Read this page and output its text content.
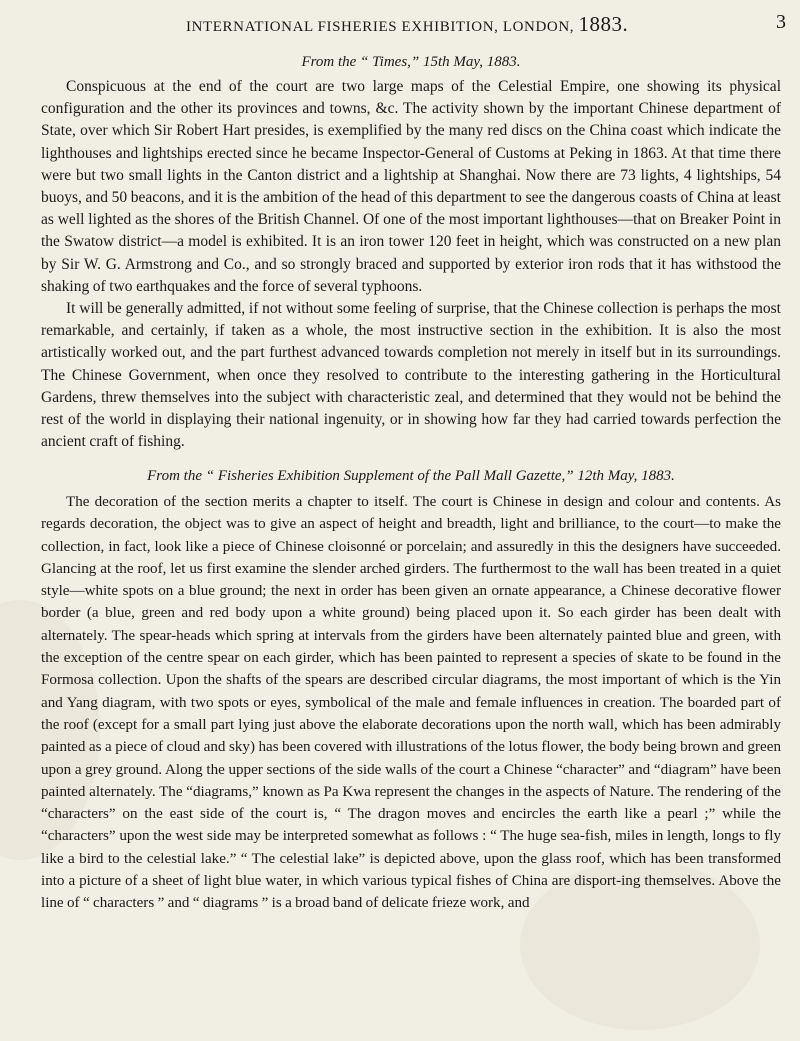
INTERNATIONAL FISHERIES EXHIBITION, LONDON, 1883.	3

From the “ Times,” 15th May, 1883.

Conspicuous at the end of the court are two large maps of the Celestial Empire, one showing its physical configuration and the other its provinces and towns, &c. The activity shown by the important Chinese department of State, over which Sir Robert Hart presides, is exemplified by the many red discs on the China coast which indicate the lighthouses and lightships erected since he became Inspector-General of Customs at Peking in 1863. At that time there were but two small lights in the Canton district and a lightship at Shanghai. Now there are 73 lights, 4 lightships, 54 buoys, and 50 beacons, and it is the ambition of the head of this department to see the dangerous coasts of China at least as well lighted as the shores of the British Channel. Of one of the most important lighthouses—that on Breaker Point in the Swatow district—a model is exhibited. It is an iron tower 120 feet in height, which was constructed on a new plan by Sir W. G. Armstrong and Co., and so strongly braced and supported by exterior iron rods that it has withstood the shaking of two earthquakes and the force of several typhoons.

It will be generally admitted, if not without some feeling of surprise, that the Chinese collection is perhaps the most remarkable, and certainly, if taken as a whole, the most instructive section in the exhibition. It is also the most artistically worked out, and the part furthest advanced towards completion not merely in itself but in its surroundings. The Chinese Government, when once they resolved to contribute to the interesting gathering in the Horticultural Gardens, threw themselves into the subject with characteristic zeal, and determined that they would not be behind the rest of the world in displaying their national ingenuity, or in showing how far they had carried towards perfection the ancient craft of fishing.

From the “ Fisheries Exhibition Supplement of the Pall Mall Gazette,” 12th May, 1883.

The decoration of the section merits a chapter to itself. The court is Chinese in design and colour and contents. As regards decoration, the object was to give an aspect of height and breadth, light and brilliance, to the court—to make the collection, in fact, look like a piece of Chinese cloisonné or porcelain; and assuredly in this the designers have succeeded. Glancing at the roof, let us first examine the slender arched girders. The furthermost to the wall has been treated in a quiet style—white spots on a blue ground; the next in order has been given an ornate appearance, a Chinese decorative flower border (a blue, green and red body upon a white ground) being placed upon it. So each girder has been dealt with alternately. The spear-heads which spring at intervals from the girders have been alternately painted blue and green, with the exception of the centre spear on each girder, which has been painted to represent a species of skate to be found in the Formosa collection. Upon the shafts of the spears are described circular diagrams, the most important of which is the Yin and Yang diagram, with two spots or eyes, symbolical of the male and female influences in creation. The boarded part of the roof (except for a small part lying just above the elaborate decorations upon the north wall, which has been admirably painted as a piece of cloud and sky) has been covered with illustrations of the lotus flower, the body being brown and green upon a grey ground. Along the upper sections of the side walls of the court a Chinese “character” and “diagram” have been painted alternately. The “diagrams,” known as Pa Kwa represent the changes in the aspects of Nature. The rendering of the “characters” on the east side of the court is, “ The dragon moves and encircles the earth like a pearl ;” while the “characters” upon the west side may be interpreted somewhat as follows : “ The huge sea-fish, miles in length, longs to fly like a bird to the celestial lake.” “ The celestial lake” is depicted above, upon the glass roof, which has been transformed into a picture of a sheet of light blue water, in which various typical fishes of China are disport-ing themselves. Above the line of “ characters ” and “ diagrams ” is a broad band of delicate frieze work, and
